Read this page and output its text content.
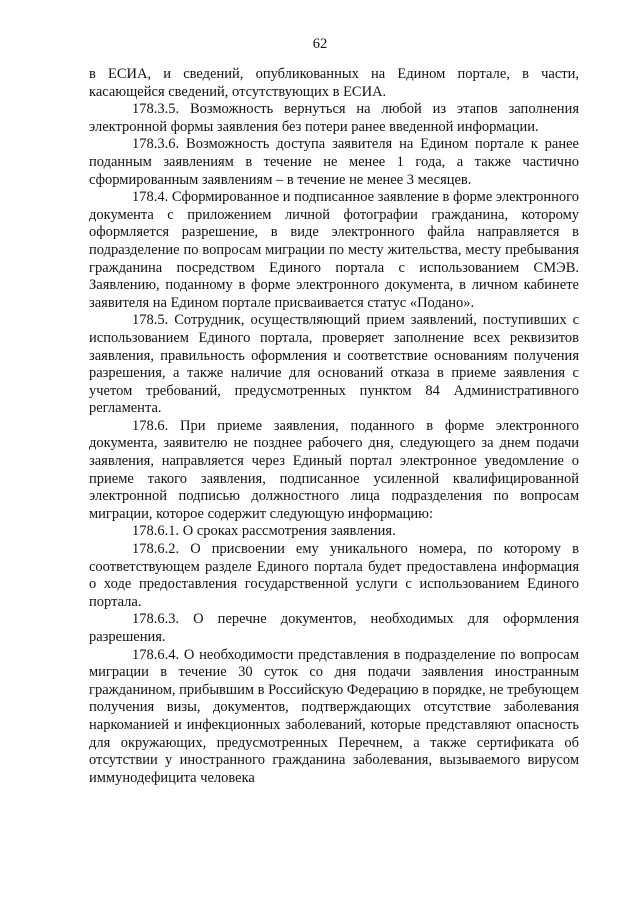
62

в ЕСИА, и сведений, опубликованных на Едином портале, в части, касающейся сведений, отсутствующих в ЕСИА.

178.3.5. Возможность вернуться на любой из этапов заполнения электронной формы заявления без потери ранее введенной информации.

178.3.6. Возможность доступа заявителя на Едином портале к ранее поданным заявлениям в течение не менее 1 года, а также частично сформированным заявлениям – в течение не менее 3 месяцев.

178.4. Сформированное и подписанное заявление в форме электронного документа с приложением личной фотографии гражданина, которому оформляется разрешение, в виде электронного файла направляется в подразделение по вопросам миграции по месту жительства, месту пребывания гражданина посредством Единого портала с использованием СМЭВ. Заявлению, поданному в форме электронного документа, в личном кабинете заявителя на Едином портале присваивается статус «Подано».

178.5. Сотрудник, осуществляющий прием заявлений, поступивших с использованием Единого портала, проверяет заполнение всех реквизитов заявления, правильность оформления и соответствие основаниям получения разрешения, а также наличие для оснований отказа в приеме заявления с учетом требований, предусмотренных пунктом 84 Административного регламента.

178.6. При приеме заявления, поданного в форме электронного документа, заявителю не позднее рабочего дня, следующего за днем подачи заявления, направляется через Единый портал электронное уведомление о приеме такого заявления, подписанное усиленной квалифицированной электронной подписью должностного лица подразделения по вопросам миграции, которое содержит следующую информацию:

178.6.1. О сроках рассмотрения заявления.

178.6.2. О присвоении ему уникального номера, по которому в соответствующем разделе Единого портала будет предоставлена информация о ходе предоставления государственной услуги с использованием Единого портала.

178.6.3. О перечне документов, необходимых для оформления разрешения.

178.6.4. О необходимости представления в подразделение по вопросам миграции в течение 30 суток со дня подачи заявления иностранным гражданином, прибывшим в Российскую Федерацию в порядке, не требующем получения визы, документов, подтверждающих отсутствие заболевания наркоманией и инфекционных заболеваний, которые представляют опасность для окружающих, предусмотренных Перечнем, а также сертификата об отсутствии у иностранного гражданина заболевания, вызываемого вирусом иммунодефицита человека
